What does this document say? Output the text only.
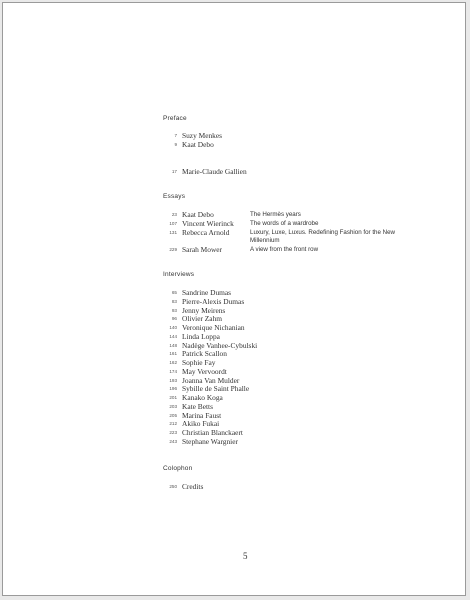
Preface
7 Suzy Menkes
9 Kaat Debo
17 Marie-Claude Gallien
Essays
23 Kaat Debo	The Hermès years
107 Vincent Wierinck	The words of a wardrobe
131 Rebecca Arnold	Luxury, Luxe, Luxus. Redefining Fashion for the New Millennium
229 Sarah Mower	A view from the front row
Interviews
65 Sandrine Dumas
83 Pierre-Alexis Dumas
93 Jenny Meirens
96 Olivier Zahm
140 Veronique Nichanian
144 Linda Loppa
148 Nadège Vanhee-Cybulski
161 Patrick Scallon
162 Sophie Fay
174 May Vervoordt
193 Joanna Van Mulder
196 Sybille de Saint Phalle
201 Kanako Koga
203 Kate Betts
205 Marina Faust
212 Akiko Fukai
223 Christian Blanckaert
243 Stephane Wargnier
Colophon
250 Credits
5
